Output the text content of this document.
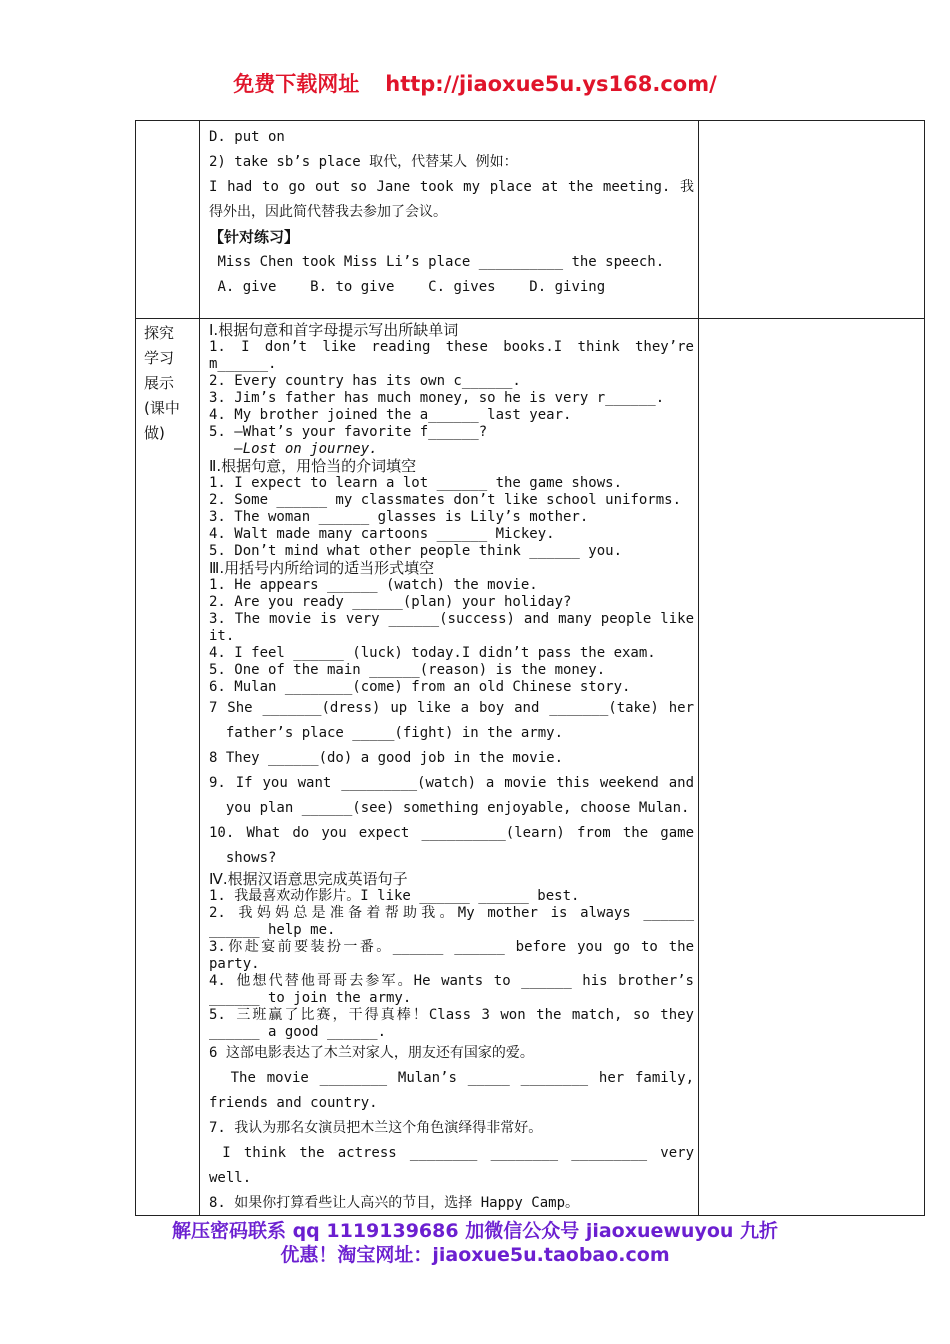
免费下载网址 http://jiaoxue5u.ys168.com/
D. put on
2) take sb’s place 取代，代替某人 例如：
I had to go out so Jane took my place at the meeting. 我
得外出，因此简代替我去参加了会议。
【针对练习】
Miss Chen took Miss Li’s place __________ the speech.
A. give    B. to give    C. gives    D. giving
探究
学习
展示
(课中
做)
Ⅰ.根据句意和首字母提示写出所缺单词
1. I don’t like reading these books.I think they’re
m______.
2. Every country has its own c______.
3. Jim’s father has much money, so he is very r______.
4. My brother joined the a______ last year.
5. —What’s your favorite f______?
—Lost on journey.
Ⅱ.根据句意，用恰当的介词填空
1. I expect to learn a lot ______ the game shows.
2. Some ______ my classmates don’t like school uniforms.
3. The woman ______ glasses is Lily’s mother.
4. Walt made many cartoons ______ Mickey.
5. Don’t mind what other people think ______ you.
Ⅲ.用括号内所给词的适当形式填空
1. He appears ______ (watch) the movie.
2. Are you ready ______(plan) your holiday?
3. The movie is very ______(success) and many people like
it.
4. I feel ______ (luck) today.I didn’t pass the exam.
5. One of the main ______(reason) is the money.
6. Mulan ________(come) from an old Chinese story.
7 She _______(dress) up like a boy and _______(take) her
father’s place _____(fight) in the army.
8 They ______(do) a good job in the movie.
9. If you want _________(watch) a movie this weekend and
you plan ______(see) something enjoyable, choose Mulan.
10. What do you expect __________(learn) from the game
shows?
Ⅳ.根据汉语意思完成英语句子
1. 我最喜欢动作影片。I like ______ ______ best.
2. 我妈妈总是准备着帮助我。My mother is always ______
______ help me.
3.你赴宴前要装扮一番。______ ______ before you go to the
party.
4. 他想代替他哥哥去参军。He wants to ______ his brother’s
______ to join the army.
5. 三班赢了比赛，干得真棒！Class 3 won the match, so they
______ a good ______.
6 这部电影表达了木兰对家人，朋友还有国家的爱。
The movie ________ Mulan’s _____ ________ her family,
friends and country.
7. 我认为那名女演员把木兰这个角色演绎得非常好。
I think the actress ________ ________ _________ very
well.
8. 如果你打算看些让人高兴的节目，选择 Happy Camp。
解压密码联系 qq 1119139686 加微信公众号 jiaoxuewuyou 九折
优惠！淘宝网址：jiaoxue5u.taobao.com
